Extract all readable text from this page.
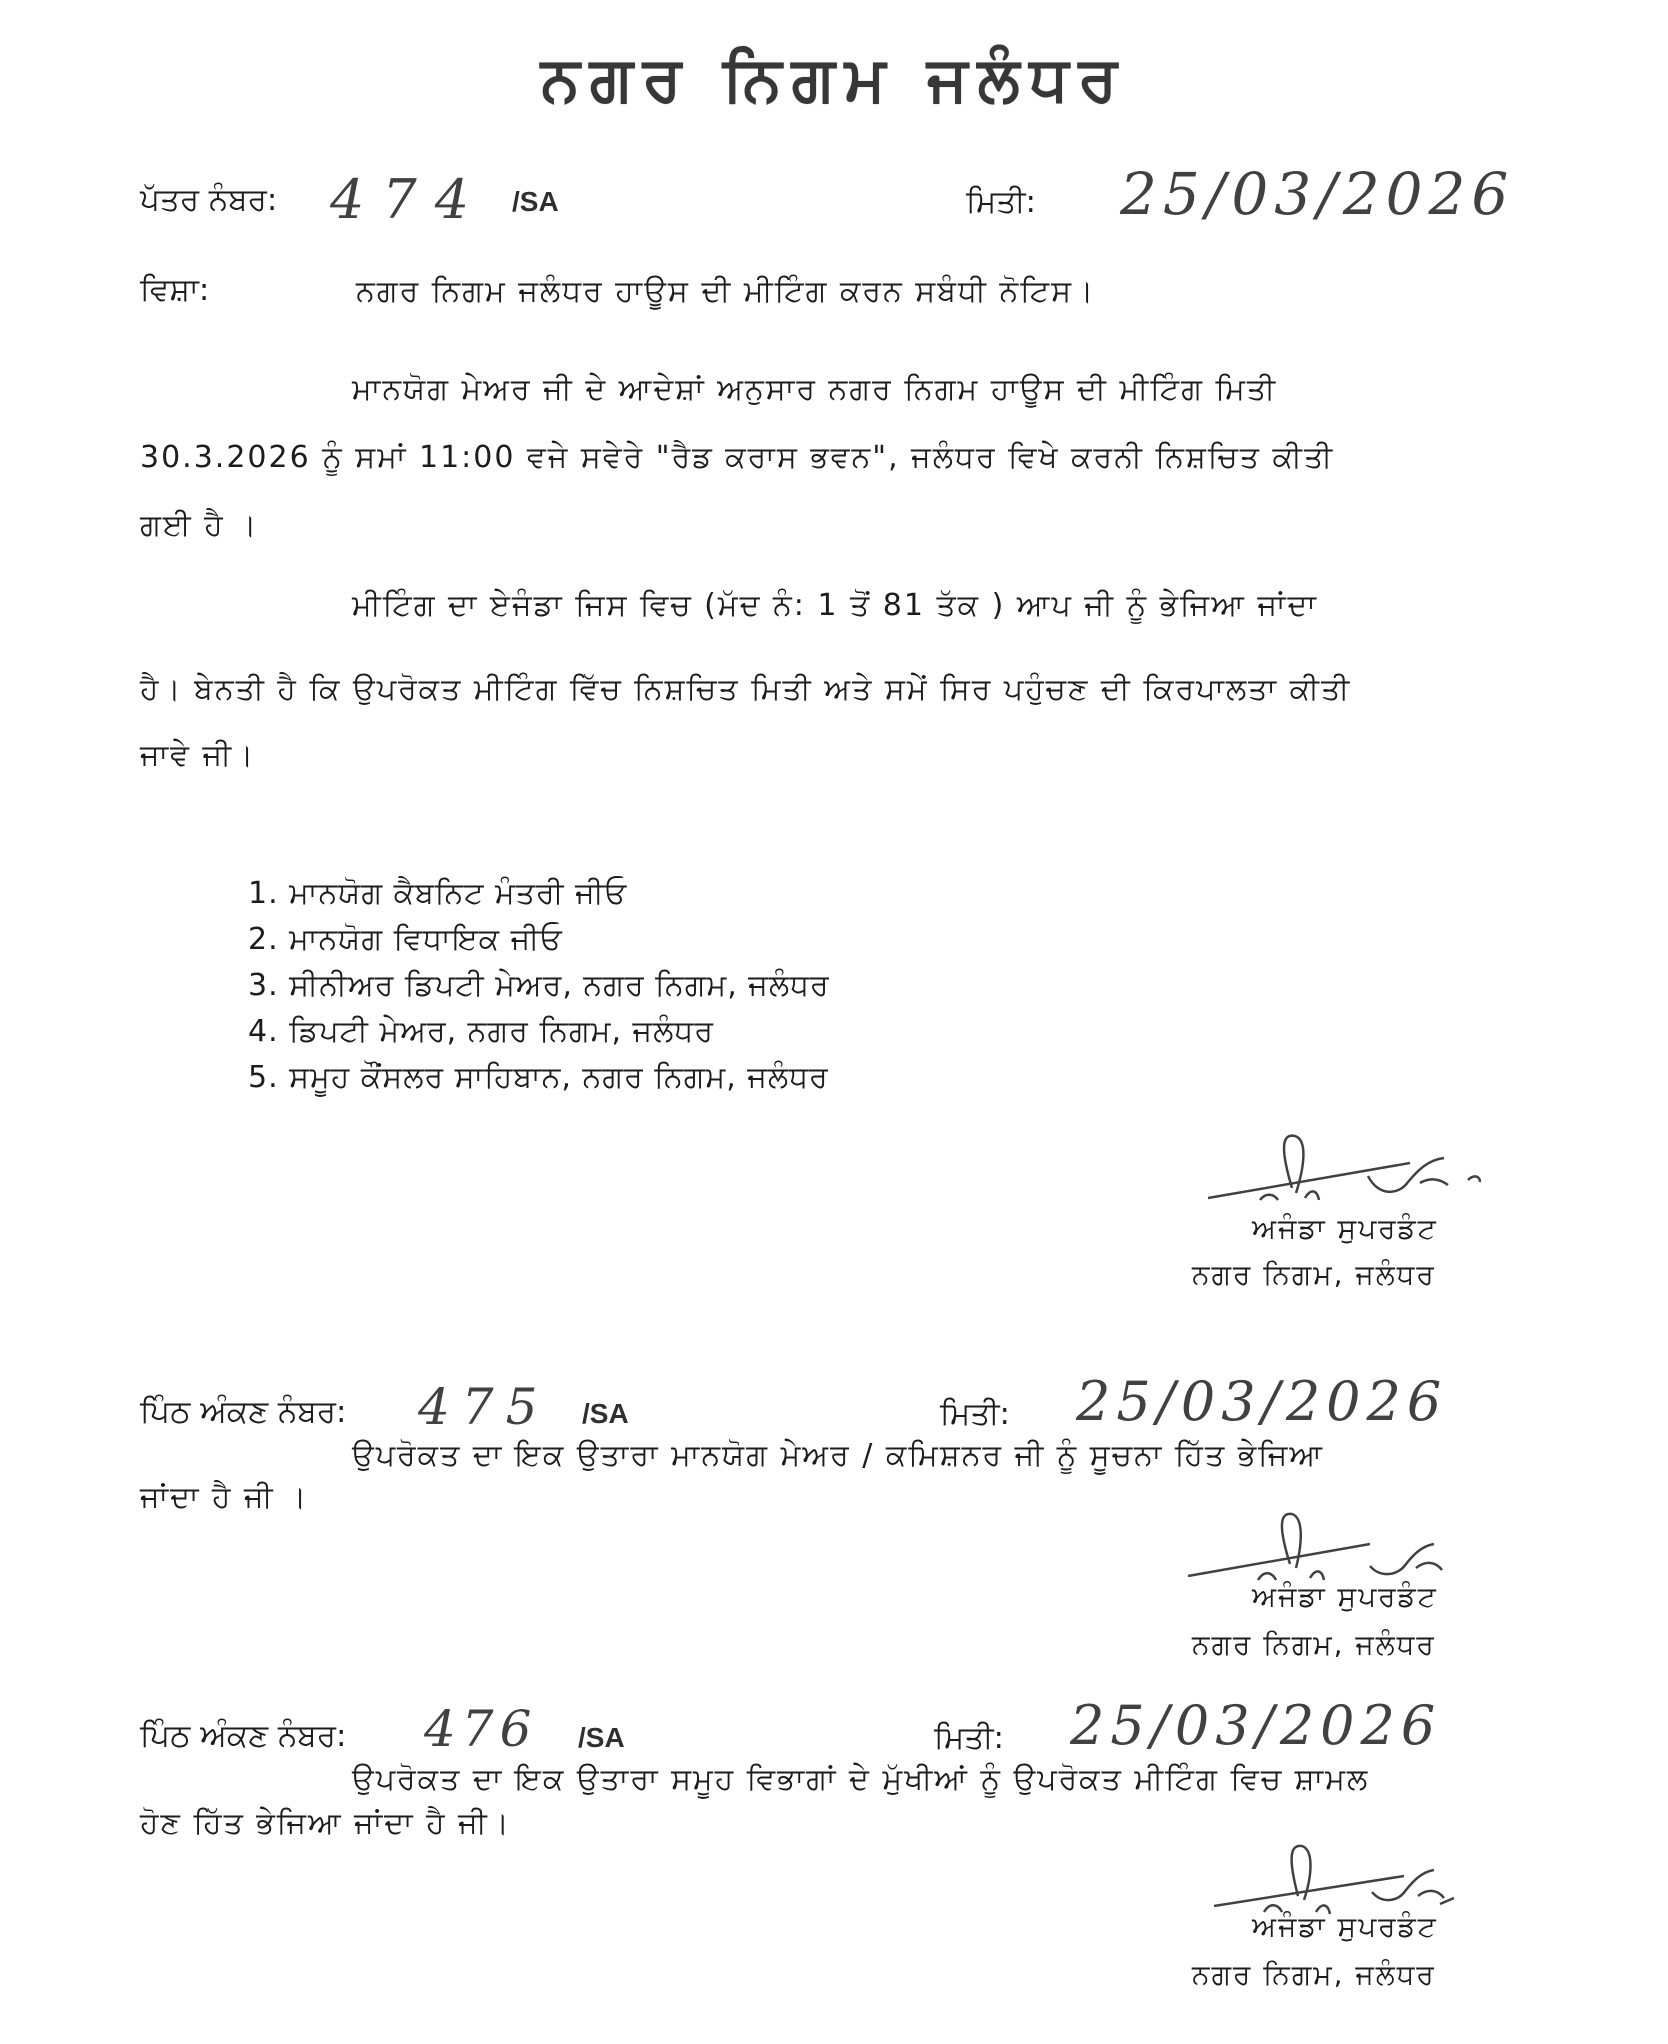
ਨਗਰ ਨਿਗਮ ਜਲੰਧਰ
ਪੱਤਰ ਨੰਬਰ: 474 /SA	ਮਿਤੀ: 25/03/2026
ਵਿਸ਼ਾ:	ਨਗਰ ਨਿਗਮ ਜਲੰਧਰ ਹਾਊਸ ਦੀ ਮੀਟਿੰਗ ਕਰਨ ਸਬੰਧੀ ਨੋਟਿਸ।
ਮਾਨਯੋਗ ਮੇਅਰ ਜੀ ਦੇ ਆਦੇਸ਼ਾਂ ਅਨੁਸਾਰ ਨਗਰ ਨਿਗਮ ਹਾਊਸ ਦੀ ਮੀਟਿੰਗ ਮਿਤੀ
30.3.2026 ਨੂੰ ਸਮਾਂ 11:00 ਵਜੇ ਸਵੇਰੇ "ਰੈਡ ਕਰਾਸ ਭਵਨ", ਜਲੰਧਰ ਵਿਖੇ ਕਰਨੀ ਨਿਸ਼ਚਿਤ ਕੀਤੀ
ਗਈ ਹੈ ।
ਮੀਟਿੰਗ ਦਾ ਏਜੰਡਾ ਜਿਸ ਵਿਚ (ਮੱਦ ਨੰ: 1 ਤੋਂ 81 ਤੱਕ ) ਆਪ ਜੀ ਨੂੰ ਭੇਜਿਆ ਜਾਂਦਾ
ਹੈ। ਬੇਨਤੀ ਹੈ ਕਿ ਉਪਰੋਕਤ ਮੀਟਿੰਗ ਵਿੱਚ ਨਿਸ਼ਚਿਤ ਮਿਤੀ ਅਤੇ ਸਮੇਂ ਸਿਰ ਪਹੁੰਚਣ ਦੀ ਕਿਰਪਾਲਤਾ ਕੀਤੀ
ਜਾਵੇ ਜੀ।
1. ਮਾਨਯੋਗ ਕੈਬਨਿਟ ਮੰਤਰੀ ਜੀਓ
2. ਮਾਨਯੋਗ ਵਿਧਾਇਕ ਜੀਓ
3. ਸੀਨੀਅਰ ਡਿਪਟੀ ਮੇਅਰ, ਨਗਰ ਨਿਗਮ, ਜਲੰਧਰ
4. ਡਿਪਟੀ ਮੇਅਰ, ਨਗਰ ਨਿਗਮ, ਜਲੰਧਰ
5. ਸਮੂਹ ਕੌਂਸਲਰ ਸਾਹਿਬਾਨ, ਨਗਰ ਨਿਗਮ, ਜਲੰਧਰ
ਅਜੰਡਾ ਸੁਪਰਡੰਟ
ਨਗਰ ਨਿਗਮ, ਜਲੰਧਰ
ਪਿੰਠ ਅੰਕਣ ਨੰਬਰ: 475 /SA	ਮਿਤੀ: 25/03/2026
ਉਪਰੋਕਤ ਦਾ ਇਕ ਉਤਾਰਾ ਮਾਨਯੋਗ ਮੇਅਰ / ਕਮਿਸ਼ਨਰ ਜੀ ਨੂੰ ਸੂਚਨਾ ਹਿੱਤ ਭੇਜਿਆ
ਜਾਂਦਾ ਹੈ ਜੀ ।
ਅਜੰਡਾ ਸੁਪਰਡੰਟ
ਨਗਰ ਨਿਗਮ, ਜਲੰਧਰ
ਪਿੰਠ ਅੰਕਣ ਨੰਬਰ: 476 /SA	ਮਿਤੀ: 25/03/2026
ਉਪਰੋਕਤ ਦਾ ਇਕ ਉਤਾਰਾ ਸਮੂਹ ਵਿਭਾਗਾਂ ਦੇ ਮੁੱਖੀਆਂ ਨੂੰ ਉਪਰੋਕਤ ਮੀਟਿੰਗ ਵਿਚ ਸ਼ਾਮਲ
ਹੋਣ ਹਿੱਤ ਭੇਜਿਆ ਜਾਂਦਾ ਹੈ ਜੀ।
ਅਜੰਡਾ ਸੁਪਰਡੰਟ
ਨਗਰ ਨਿਗਮ, ਜਲੰਧਰ
